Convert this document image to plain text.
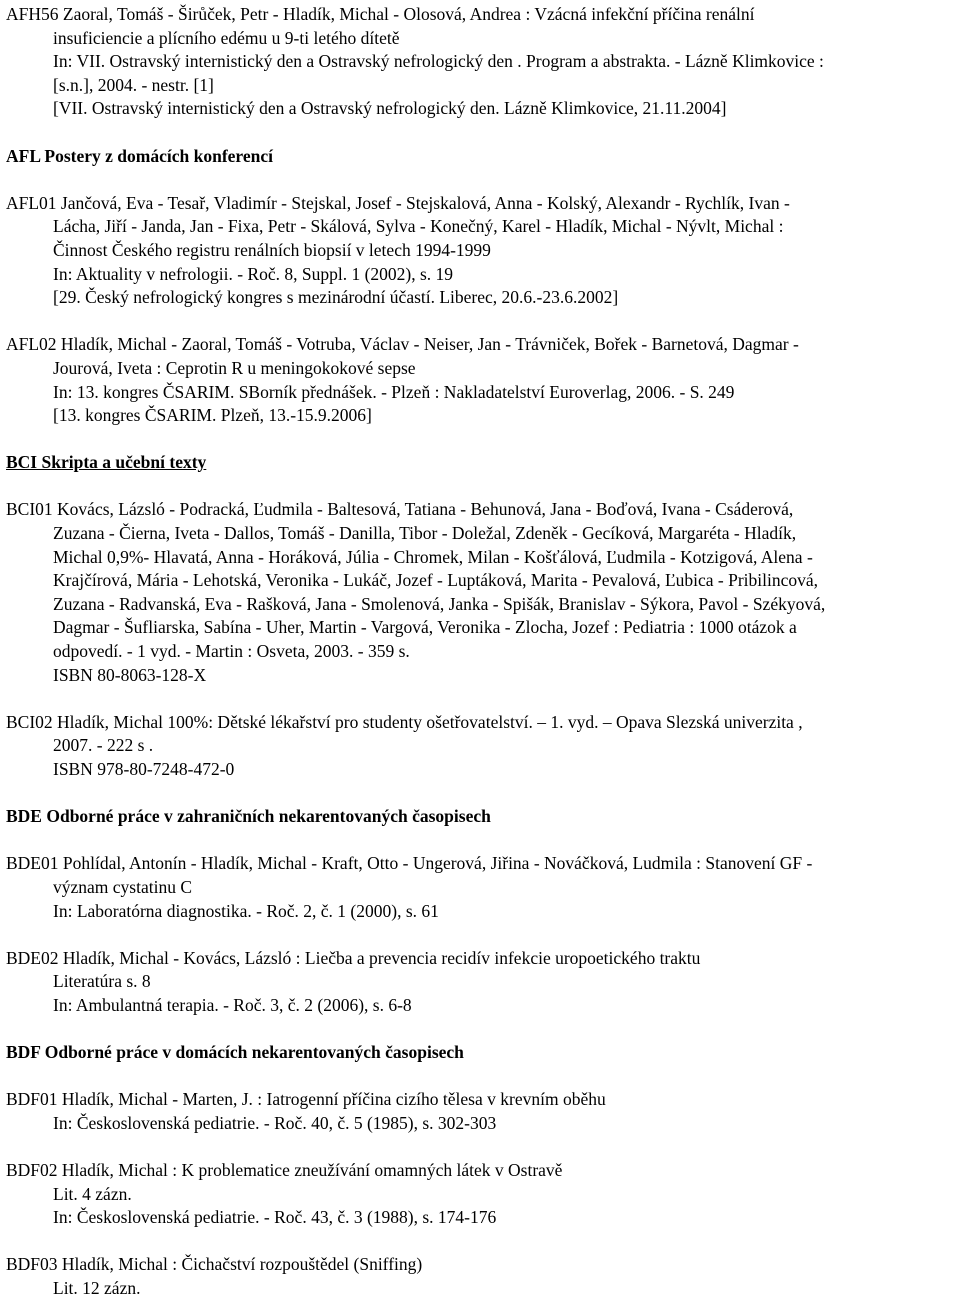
AFH56 Zaoral, Tomáš - Širůček, Petr - Hladík, Michal - Olosová, Andrea : Vzácná infekční příčina renální
insuficiencie a plícního edému u 9-ti letého dítetě
In: VII. Ostravský internistický den a Ostravský nefrologický den . Program a abstrakta. - Lázně Klimkovice :
[s.n.], 2004. - nestr. [1]
[VII. Ostravský internistický den a Ostravský nefrologický den. Lázně Klimkovice, 21.11.2004]
AFL Postery z domácích konferencí
AFL01 Jančová, Eva - Tesař, Vladimír - Stejskal, Josef - Stejskalová, Anna - Kolský, Alexandr - Rychlík, Ivan -
Lácha, Jiří - Janda, Jan - Fixa, Petr - Skálová, Sylva - Konečný, Karel - Hladík, Michal - Nývlt, Michal :
Činnost Českého registru renálních biopsií v letech 1994-1999
In: Aktuality v nefrologii. - Roč. 8, Suppl. 1 (2002), s. 19
[29. Český nefrologický kongres s mezinárodní účastí. Liberec, 20.6.-23.6.2002]
AFL02 Hladík, Michal - Zaoral, Tomáš - Votruba, Václav - Neiser, Jan - Trávniček, Bořek - Barnetová, Dagmar -
Jourová, Iveta : Ceprotin R u meningokokové sepse
In: 13. kongres ČSARIM. SBorník přednášek. - Plzeň : Nakladatelství Euroverlag, 2006. - S. 249
[13. kongres ČSARIM. Plzeň, 13.-15.9.2006]
BCI Skripta a učební texty
BCI01 Kovács, Lázsló - Podracká, Ľudmila - Baltesová, Tatiana - Behunová, Jana - Boďová, Ivana - Csáderová,
Zuzana - Čierna, Iveta - Dallos, Tomáš - Danilla, Tibor - Doležal, Zdeněk - Gecíková, Margaréta - Hladík,
Michal 0,9%- Hlavatá, Anna - Horáková, Júlia - Chromek, Milan - Košťálová, Ľudmila - Kotzigová, Alena -
Krajčírová, Mária - Lehotská, Veronika - Lukáč, Jozef - Luptáková, Marita - Pevalová, Ľubica - Pribilincová,
Zuzana - Radvanská, Eva - Rašková, Jana - Smolenová, Janka - Spišák, Branislav - Sýkora, Pavol - Székyová,
Dagmar - Šufliarska, Sabína - Uher, Martin - Vargová, Veronika - Zlocha, Jozef : Pediatria : 1000 otázok a
odpovedí. - 1 vyd. - Martin : Osveta, 2003. - 359 s.
ISBN 80-8063-128-X
BCI02 Hladík, Michal 100%: Dětské lékařství pro studenty ošetřovatelství. – 1. vyd. – Opava Slezská univerzita ,
2007. - 222 s .
ISBN 978-80-7248-472-0
BDE Odborné práce v zahraničních nekarentovaných časopisech
BDE01 Pohlídal, Antonín - Hladík, Michal - Kraft, Otto - Ungerová, Jiřina - Nováčková, Ludmila : Stanovení GF -
význam cystatinu C
In: Laboratórna diagnostika. - Roč. 2, č. 1 (2000), s. 61
BDE02 Hladík, Michal - Kovács, Lázsló : Liečba a prevencia recidív infekcie uropoetického traktu
Literatúra s. 8
In: Ambulantná terapia. - Roč. 3, č. 2 (2006), s. 6-8
BDF Odborné práce v domácích nekarentovaných časopisech
BDF01 Hladík, Michal - Marten, J. : Iatrogenní příčina cizího tělesa v krevním oběhu
In: Československá pediatrie. - Roč. 40, č. 5 (1985), s. 302-303
BDF02 Hladík, Michal : K problematice zneužívání omamných látek v Ostravě
Lit. 4 zázn.
In: Československá pediatrie. - Roč. 43, č. 3 (1988), s. 174-176
BDF03 Hladík, Michal : Čichačství rozpouštědel (Sniffing)
Lit. 12 zázn.
